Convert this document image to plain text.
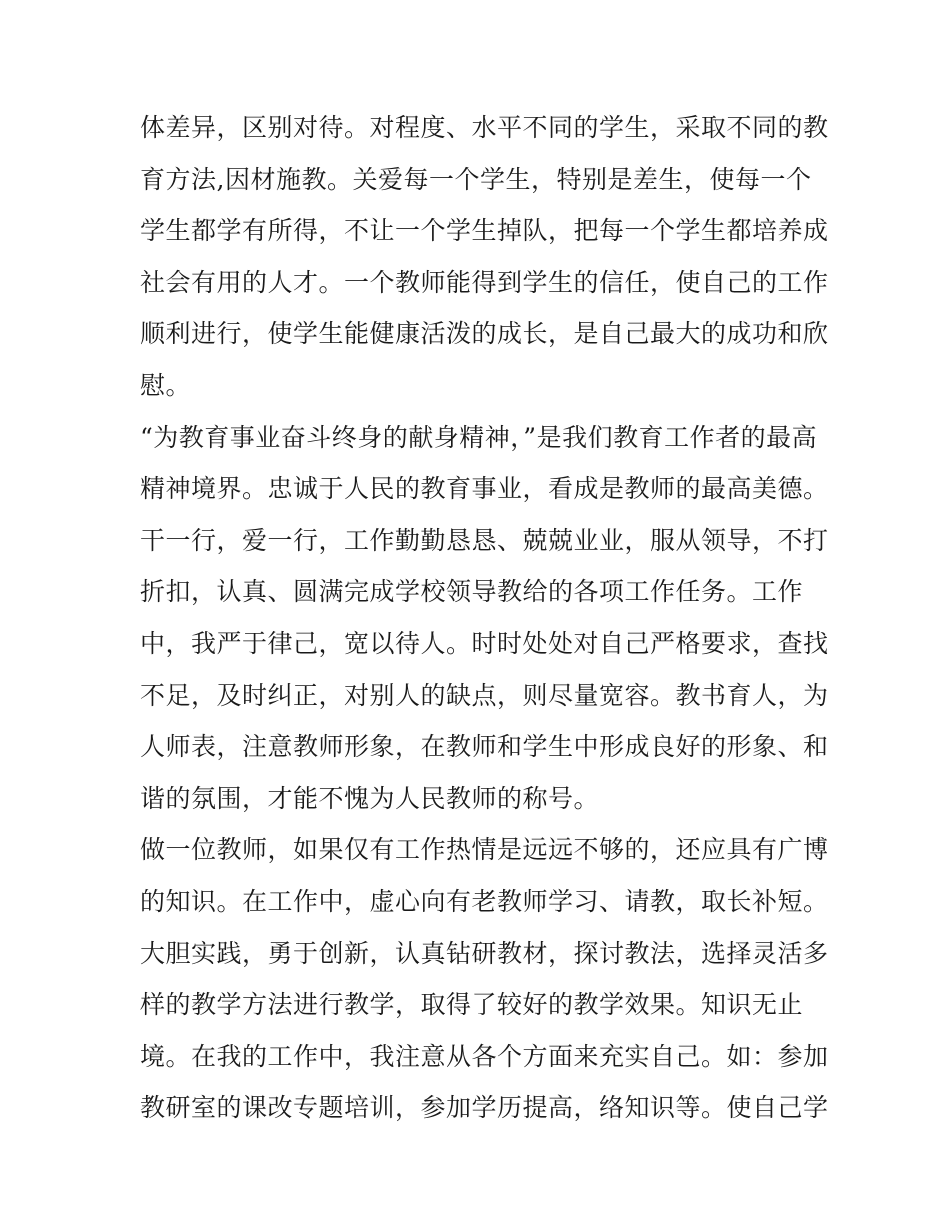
体差异，区别对待。对程度、水平不同的学生，采取不同的教
育方法,因材施教。关爱每一个学生，特别是差生，使每一个
学生都学有所得，不让一个学生掉队，把每一个学生都培养成
社会有用的人才。一个教师能得到学生的信任，使自己的工作
顺利进行，使学生能健康活泼的成长，是自己最大的成功和欣
慰。
“为教育事业奋斗终身的献身精神，”是我们教育工作者的最高
精神境界。忠诚于人民的教育事业，看成是教师的最高美德。
干一行，爱一行，工作勤勤恳恳、兢兢业业，服从领导，不打
折扣，认真、圆满完成学校领导教给的各项工作任务。工作
中，我严于律己，宽以待人。时时处处对自己严格要求，查找
不足，及时纠正，对别人的缺点，则尽量宽容。教书育人，为
人师表，注意教师形象，在教师和学生中形成良好的形象、和
谐的氛围，才能不愧为人民教师的称号。
做一位教师，如果仅有工作热情是远远不够的，还应具有广博
的知识。在工作中，虚心向有老教师学习、请教，取长补短。
大胆实践，勇于创新，认真钻研教材，探讨教法，选择灵活多
样的教学方法进行教学，取得了较好的教学效果。知识无止
境。在我的工作中，我注意从各个方面来充实自己。如：参加
教研室的课改专题培训，参加学历提高，络知识等。使自己学
